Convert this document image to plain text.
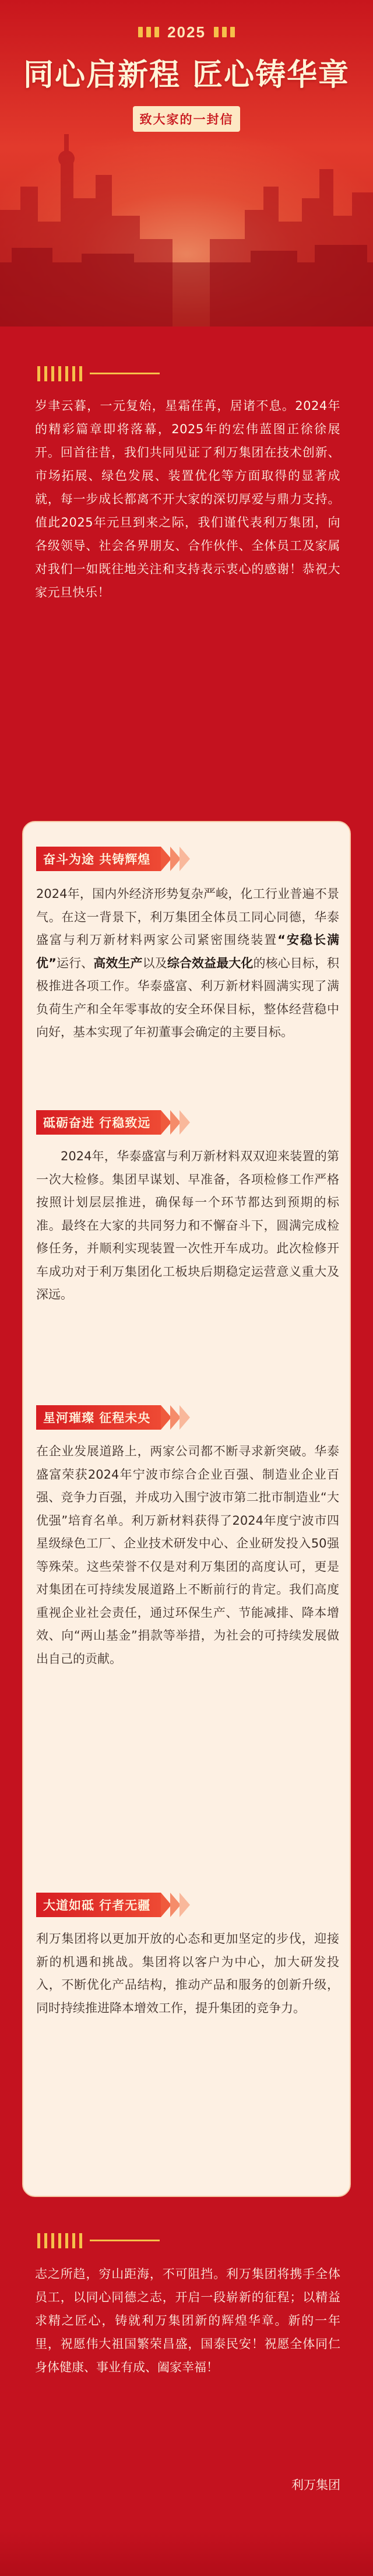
2025
同心启新程 匠心铸华章
致大家的一封信

岁聿云暮，一元复始，星霜荏苒，居诸不息。2024年的精彩篇章即将落幕，2025年的宏伟蓝图正徐徐展开。回首往昔，我们共同见证了利万集团在技术创新、市场拓展、绿色发展、装置优化等方面取得的显著成就，每一步成长都离不开大家的深切厚爱与鼎力支持。值此2025年元旦到来之际，我们谨代表利万集团，向各级领导、社会各界朋友、合作伙伴、全体员工及家属对我们一如既往地关注和支持表示衷心的感谢！恭祝大家元旦快乐！

奋斗为途 共铸辉煌

2024年，国内外经济形势复杂严峻，化工行业普遍不景气。在这一背景下，利万集团全体员工同心同德，华泰盛富与利万新材料两家公司紧密围绕装置“安稳长满优”运行、高效生产以及综合效益最大化的核心目标，积极推进各项工作。华泰盛富、利万新材料圆满实现了满负荷生产和全年零事故的安全环保目标，整体经营稳中向好，基本实现了年初董事会确定的主要目标。

砥砺奋进 行稳致远

2024年，华泰盛富与利万新材料双双迎来装置的第一次大检修。集团早谋划、早准备，各项检修工作严格按照计划层层推进，确保每一个环节都达到预期的标准。最终在大家的共同努力和不懈奋斗下，圆满完成检修任务，并顺利实现装置一次性开车成功。此次检修开车成功对于利万集团化工板块后期稳定运营意义重大及深远。

星河璀璨 征程未央

在企业发展道路上，两家公司都不断寻求新突破。华泰盛富荣获2024年宁波市综合企业百强、制造业企业百强、竞争力百强，并成功入围宁波市第二批市制造业“大优强”培育名单。利万新材料获得了2024年度宁波市四星级绿色工厂、企业技术研发中心、企业研发投入50强等殊荣。这些荣誉不仅是对利万集团的高度认可，更是对集团在可持续发展道路上不断前行的肯定。我们高度重视企业社会责任，通过环保生产、节能减排、降本增效、向“两山基金”捐款等举措，为社会的可持续发展做出自己的贡献。

大道如砥 行者无疆

利万集团将以更加开放的心态和更加坚定的步伐，迎接新的机遇和挑战。集团将以客户为中心，加大研发投入，不断优化产品结构，推动产品和服务的创新升级，同时持续推进降本增效工作，提升集团的竞争力。

志之所趋，穷山距海，不可阻挡。利万集团将携手全体员工，以同心同德之志，开启一段崭新的征程；以精益求精之匠心，铸就利万集团新的辉煌华章。新的一年里，祝愿伟大祖国繁荣昌盛，国泰民安！祝愿全体同仁身体健康、事业有成、阖家幸福！

利万集团
